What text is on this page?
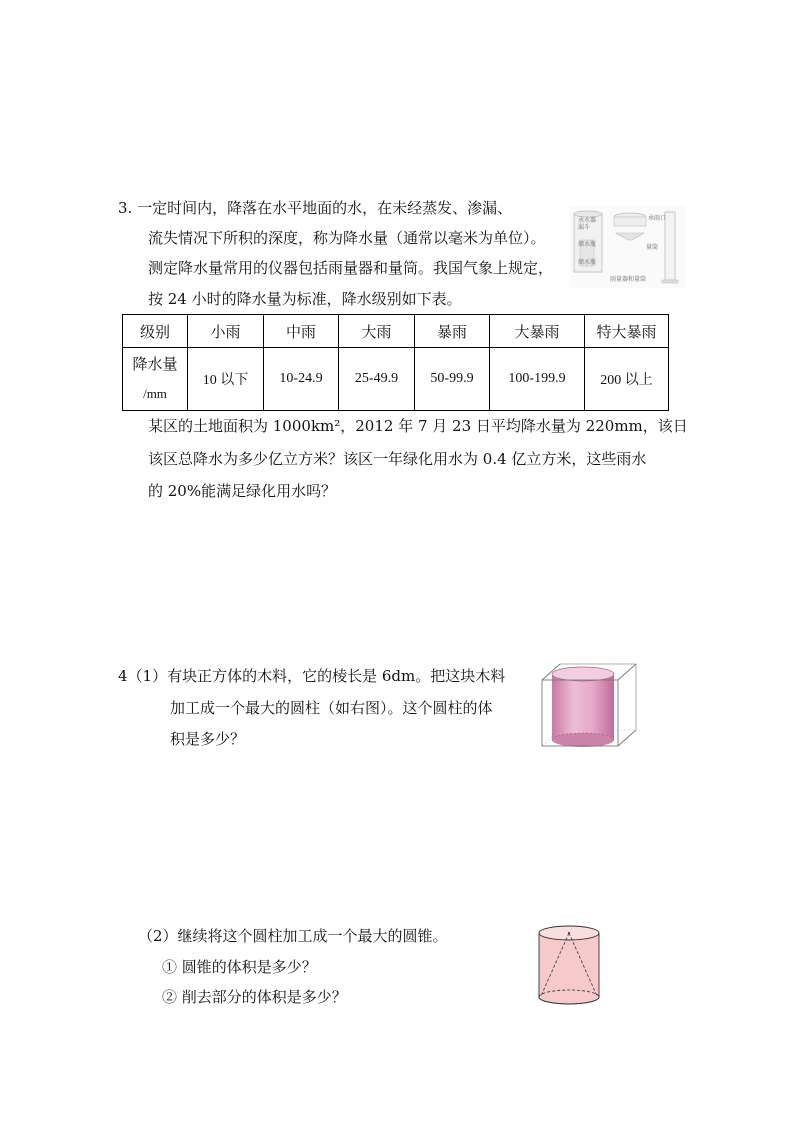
3. 一定时间内，降落在水平地面的水，在未经蒸发、渗漏、
流失情况下所积的深度，称为降水量（通常以毫米为单位）。
测定降水量常用的仪器包括雨量器和量筒。我国气象上规定，
按 24 小时的降水量为标准，降水级别如下表。
承水器
漏斗
储水瓶
储水瓶
承雨口
量筒
雨量器和量筒
级别	小雨	中雨	大雨	暴雨	大暴雨	特大暴雨

降水量
/mm	10 以下	10-24.9	25-49.9	50-99.9	100-199.9	200 以上
某区的土地面积为 1000km²，2012 年 7 月 23 日平均降水量为 220mm，该日
该区总降水为多少亿立方米？该区一年绿化用水为 0.4 亿立方米，这些雨水
的 20%能满足绿化用水吗？
4（1）有块正方体的木料，它的棱长是 6dm。把这块木料
加工成一个最大的圆柱（如右图）。这个圆柱的体
积是多少？
（2）继续将这个圆柱加工成一个最大的圆锥。
① 圆锥的体积是多少？
② 削去部分的体积是多少？
